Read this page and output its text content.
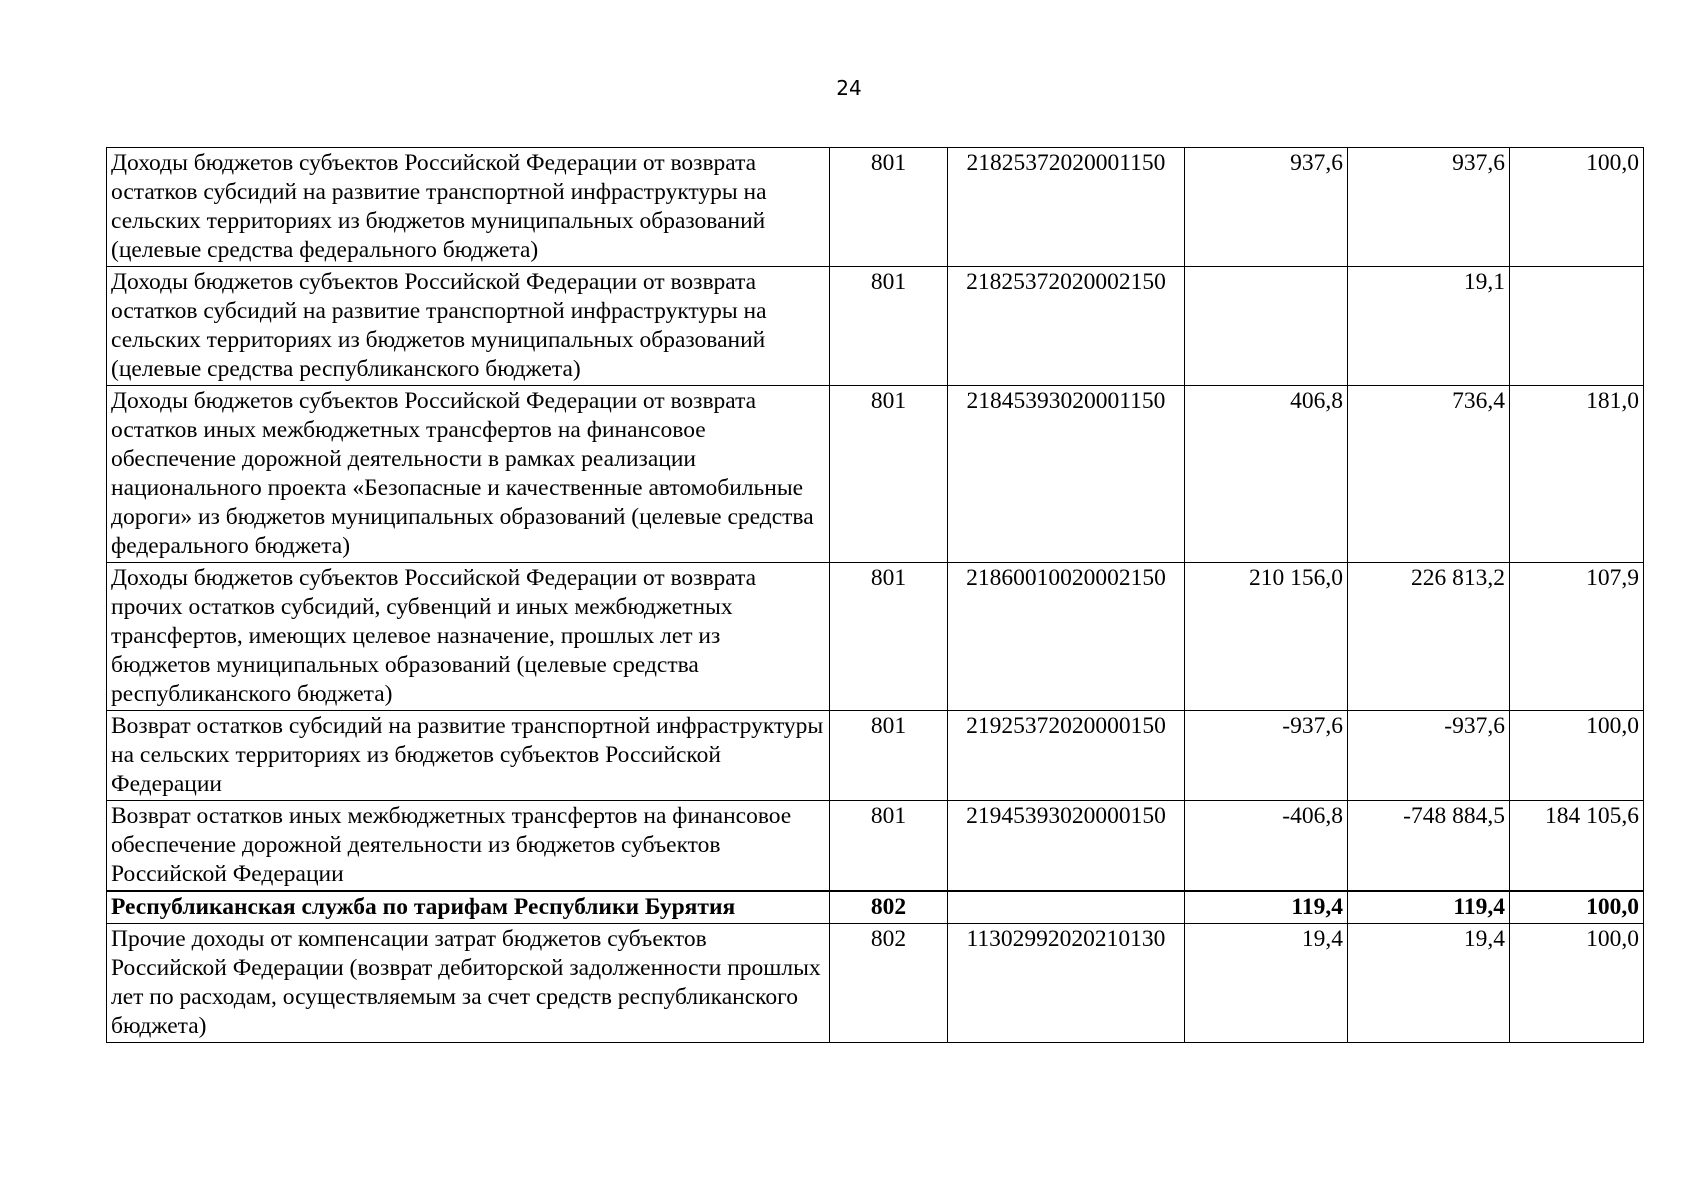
24
Доходы бюджетов субъектов Российской Федерации от возврата остатков субсидий на развитие транспортной инфраструктуры на сельских территориях из бюджетов муниципальных образований (целевые средства федерального бюджета)	801	21825372020001150	937,6	937,6	100,0
Доходы бюджетов субъектов Российской Федерации от возврата остатков субсидий на развитие транспортной инфраструктуры на сельских территориях из бюджетов муниципальных образований (целевые средства республиканского бюджета)	801	21825372020002150		19,1	
Доходы бюджетов субъектов Российской Федерации от возврата остатков иных межбюджетных трансфертов на финансовое обеспечение дорожной деятельности в рамках реализации национального проекта «Безопасные и качественные автомобильные дороги» из бюджетов муниципальных образований (целевые средства федерального бюджета)	801	21845393020001150	406,8	736,4	181,0
Доходы бюджетов субъектов Российской Федерации от возврата прочих остатков субсидий, субвенций и иных межбюджетных трансфертов, имеющих целевое назначение, прошлых лет из бюджетов муниципальных образований (целевые средства республиканского бюджета)	801	21860010020002150	210 156,0	226 813,2	107,9
Возврат остатков субсидий на развитие транспортной инфраструктуры на сельских территориях из бюджетов субъектов Российской Федерации	801	21925372020000150	-937,6	-937,6	100,0
Возврат остатков иных межбюджетных трансфертов на финансовое обеспечение дорожной деятельности из бюджетов субъектов Российской Федерации	801	21945393020000150	-406,8	-748 884,5	184 105,6
Республиканская служба по тарифам Республики Бурятия	802		119,4	119,4	100,0
Прочие доходы от компенсации затрат бюджетов субъектов Российской Федерации (возврат дебиторской задолженности прошлых лет по расходам, осуществляемым за счет средств республиканского бюджета)	802	11302992020210130	19,4	19,4	100,0
